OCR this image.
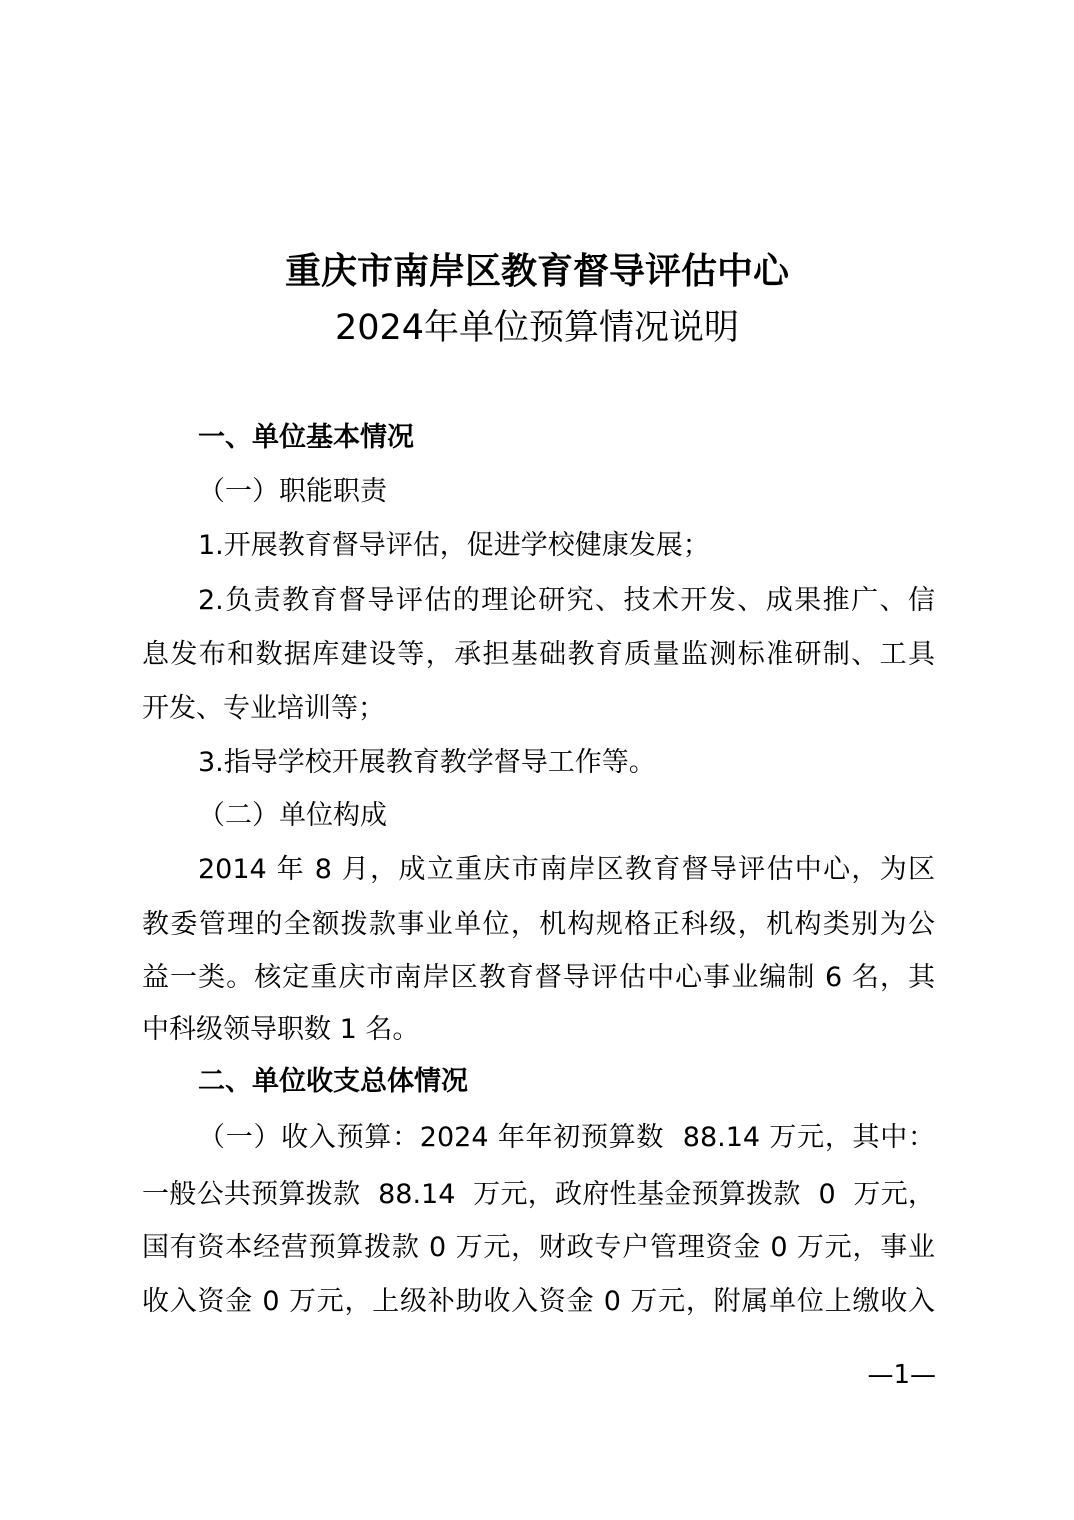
重庆市南岸区教育督导评估中心
2024年单位预算情况说明
一、单位基本情况
（一）职能职责
1.开展教育督导评估，促进学校健康发展；
2.负责教育督导评估的理论研究、技术开发、成果推广、信
息发布和数据库建设等，承担基础教育质量监测标准研制、工具
开发、专业培训等；
3.指导学校开展教育教学督导工作等。
（二）单位构成
2014 年 8 月，成立重庆市南岸区教育督导评估中心，为区
教委管理的全额拨款事业单位，机构规格正科级，机构类别为公
益一类。核定重庆市南岸区教育督导评估中心事业编制 6 名，其
中科级领导职数 1 名。
二、单位收支总体情况
（一）收入预算：2024 年年初预算数  88.14 万元，其中：
一般公共预算拨款  88.14  万元，政府性基金预算拨款  0  万元，
国有资本经营预算拨款 0 万元，财政专户管理资金 0 万元，事业
收入资金 0 万元，上级补助收入资金 0 万元，附属单位上缴收入
—1—
